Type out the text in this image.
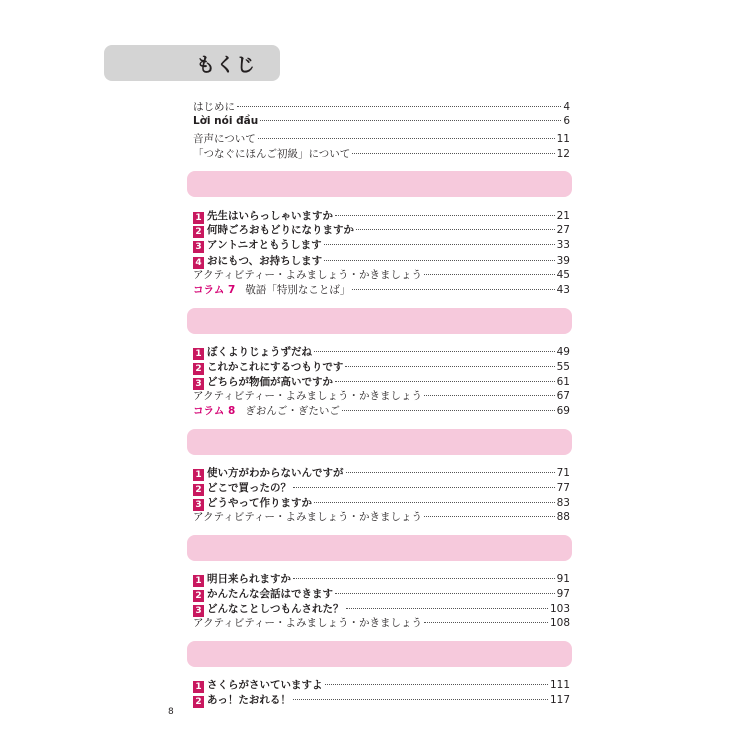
もくじ
はじめに	4
Lời nói đầu	6
音声について	11
「つなぐにほんご初級」について	12
1 先生はいらっしゃいますか	21
2 何時ごろおもどりになりますか	27
3 アントニオともうします	33
4 おにもつ、お持ちします	39
アクティビティー・よみましょう・かきましょう	45
コラム 7 敬語「特別なことば」	43
1 ぼくよりじょうずだね	49
2 これかこれにするつもりです	55
3 どちらが物価が高いですか	61
アクティビティー・よみましょう・かきましょう	67
コラム 8 ぎおんご・ぎたいご	69
1 使い方がわからないんですが	71
2 どこで買ったの？	77
3 どうやって作りますか	83
アクティビティー・よみましょう・かきましょう	88
1 明日来られますか	91
2 かんたんな会話はできます	97
3 どんなことしつもんされた？	103
アクティビティー・よみましょう・かきましょう	108
1 さくらがさいていますよ	111
2 あっ！たおれる！	117
8
